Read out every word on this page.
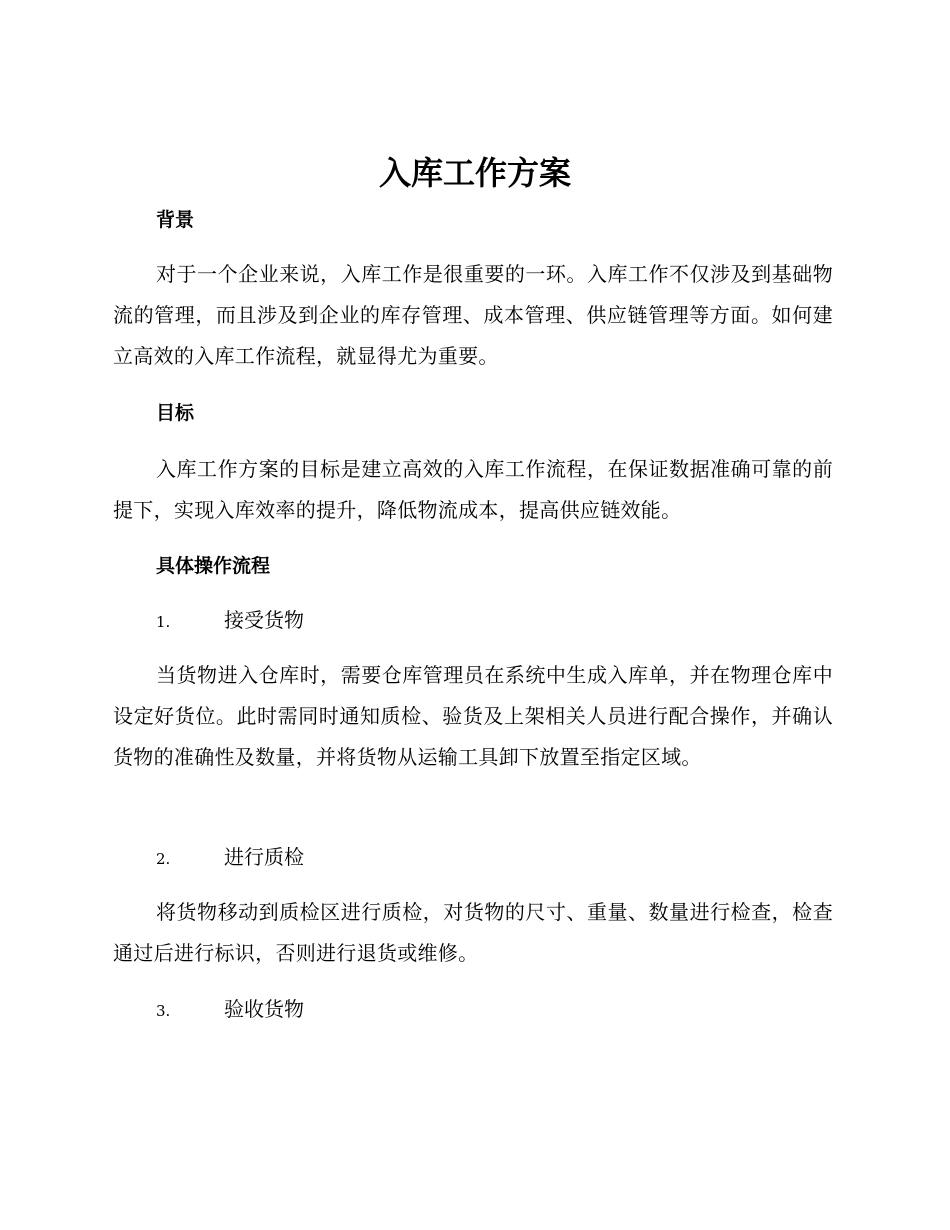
入库工作方案
背景

对于一个企业来说，入库工作是很重要的一环。入库工作不仅涉及到基础物流的管理，而且涉及到企业的库存管理、成本管理、供应链管理等方面。如何建立高效的入库工作流程，就显得尤为重要。

目标

入库工作方案的目标是建立高效的入库工作流程，在保证数据准确可靠的前提下，实现入库效率的提升，降低物流成本，提高供应链效能。

具体操作流程
1.	接受货物

当货物进入仓库时，需要仓库管理员在系统中生成入库单，并在物理仓库中设定好货位。此时需同时通知质检、验货及上架相关人员进行配合操作，并确认货物的准确性及数量，并将货物从运输工具卸下放置至指定区域。

2.	进行质检

将货物移动到质检区进行质检，对货物的尺寸、重量、数量进行检查，检查通过后进行标识，否则进行退货或维修。

3.	验收货物
